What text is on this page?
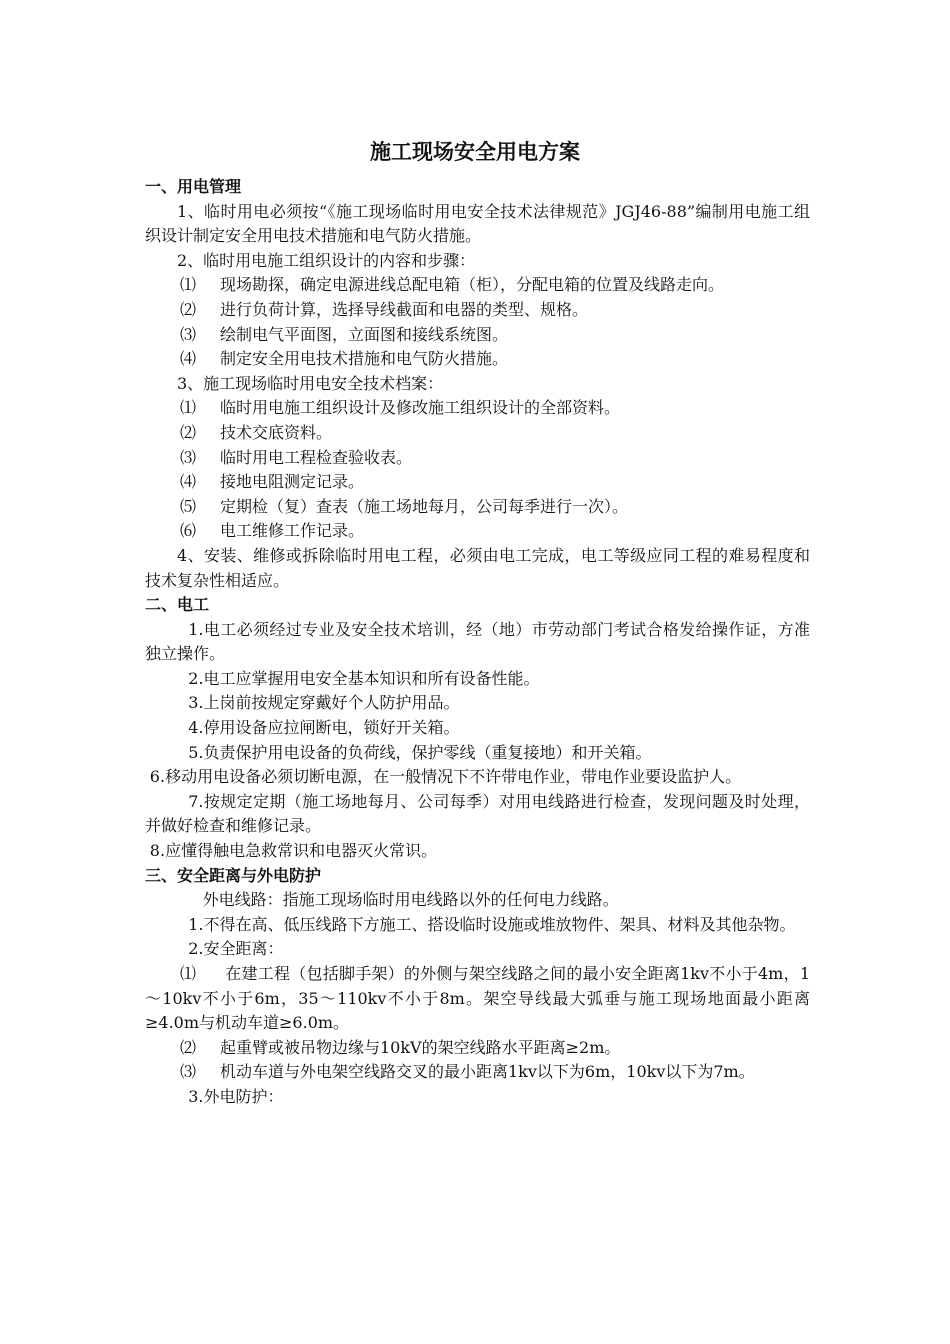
施工现场安全用电方案

一、用电管理

1、临时用电必须按“《施工现场临时用电安全技术法律规范》JGJ46-88”编制用电施工组织设计制定安全用电技术措施和电气防火措施。

2、临时用电施工组织设计的内容和步骤：

⑴ 现场勘探，确定电源进线总配电箱（柜），分配电箱的位置及线路走向。

⑵ 进行负荷计算，选择导线截面和电器的类型、规格。

⑶ 绘制电气平面图，立面图和接线系统图。

⑷ 制定安全用电技术措施和电气防火措施。

3、施工现场临时用电安全技术档案：

⑴ 临时用电施工组织设计及修改施工组织设计的全部资料。

⑵ 技术交底资料。

⑶ 临时用电工程检查验收表。

⑷ 接地电阻测定记录。

⑸ 定期检（复）查表（施工场地每月，公司每季进行一次）。

⑹ 电工维修工作记录。

4、安装、维修或拆除临时用电工程，必须由电工完成，电工等级应同工程的难易程度和技术复杂性相适应。

二、电工

1.电工必须经过专业及安全技术培训，经（地）市劳动部门考试合格发给操作证，方准独立操作。

2.电工应掌握用电安全基本知识和所有设备性能。

3.上岗前按规定穿戴好个人防护用品。

4.停用设备应拉闸断电，锁好开关箱。

5.负责保护用电设备的负荷线，保护零线（重复接地）和开关箱。

6.移动用电设备必须切断电源，在一般情况下不许带电作业，带电作业要设监护人。

7.按规定定期（施工场地每月、公司每季）对用电线路进行检查，发现问题及时处理，并做好检查和维修记录。

8.应懂得触电急救常识和电器灭火常识。

三、安全距离与外电防护

外电线路：指施工现场临时用电线路以外的任何电力线路。

1.不得在高、低压线路下方施工、搭设临时设施或堆放物件、架具、材料及其他杂物。

2.安全距离：

⑴ 在建工程（包括脚手架）的外侧与架空线路之间的最小安全距离1kv不小于4m，1～10kv不小于6m，35～110kv不小于8m。架空导线最大弧垂与施工现场地面最小距离≥4.0m与机动车道≥6.0m。

⑵ 起重臂或被吊物边缘与10kV的架空线路水平距离≥2m。

⑶ 机动车道与外电架空线路交叉的最小距离1kv以下为6m，10kv以下为7m。

3.外电防护：
